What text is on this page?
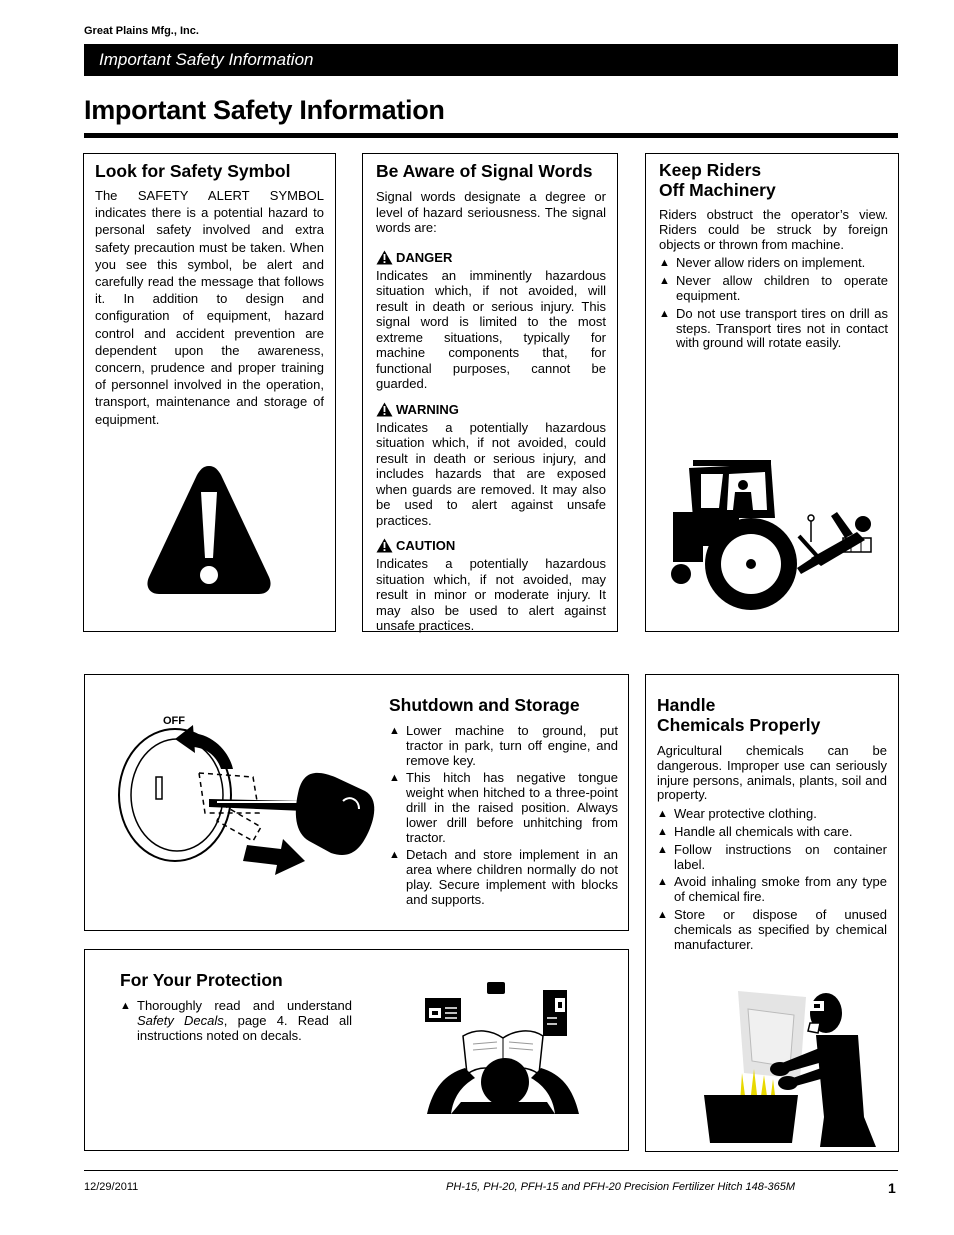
Great Plains Mfg., Inc.
Important Safety Information
Important Safety Information
Look for Safety Symbol

The SAFETY ALERT SYMBOL indicates there is a potential hazard to personal safety involved and extra safety precaution must be taken. When you see this symbol, be alert and carefully read the message that follows it. In addition to design and configuration of equipment, hazard control and accident prevention are dependent upon the awareness, concern, prudence and proper training of personnel involved in the operation, transport, maintenance and storage of equipment.

Be Aware of Signal Words

Signal words designate a degree or level of hazard seriousness. The signal words are:

DANGER

Indicates an imminently hazardous situation which, if not avoided, will result in death or serious injury. This signal word is limited to the most extreme situations, typically for machine components that, for functional purposes, cannot be guarded.

WARNING

Indicates a potentially hazardous situation which, if not avoided, could result in death or serious injury, and includes hazards that are exposed when guards are removed. It may also be used to alert against unsafe practices.

CAUTION

Indicates a potentially hazardous situation which, if not avoided, may result in minor or moderate injury. It may also be used to alert against unsafe practices.

Keep Riders
Off Machinery

Riders obstruct the operator’s view. Riders could be struck by foreign objects or thrown from machine.

▲ Never allow riders on implement.
▲ Never allow children to operate equipment.
▲ Do not use transport tires on drill as steps. Transport tires not in contact with ground will rotate easily.
OFF
Shutdown and Storage
▲ Lower machine to ground, put tractor in park, turn off engine, and remove key.
▲ This hitch has negative tongue weight when hitched to a three-point drill in the raised position. Always lower drill before unhitching from tractor.
▲ Detach and store implement in an area where children normally do not play. Secure implement with blocks and supports.
Handle
Chemicals Properly

Agricultural chemicals can be dangerous. Improper use can seriously injure persons, animals, plants, soil and property.

▲ Wear protective clothing.
▲ Handle all chemicals with care.
▲ Follow instructions on container label.
▲ Avoid inhaling smoke from any type of chemical fire.
▲ Store or dispose of unused chemicals as specified by chemical manufacturer.
For Your Protection
▲ Thoroughly read and understand Safety Decals, page 4. Read all instructions noted on decals.
12/29/2011	PH-15, PH-20, PFH-15 and PFH-20 Precision Fertilizer Hitch 148-365M	1
